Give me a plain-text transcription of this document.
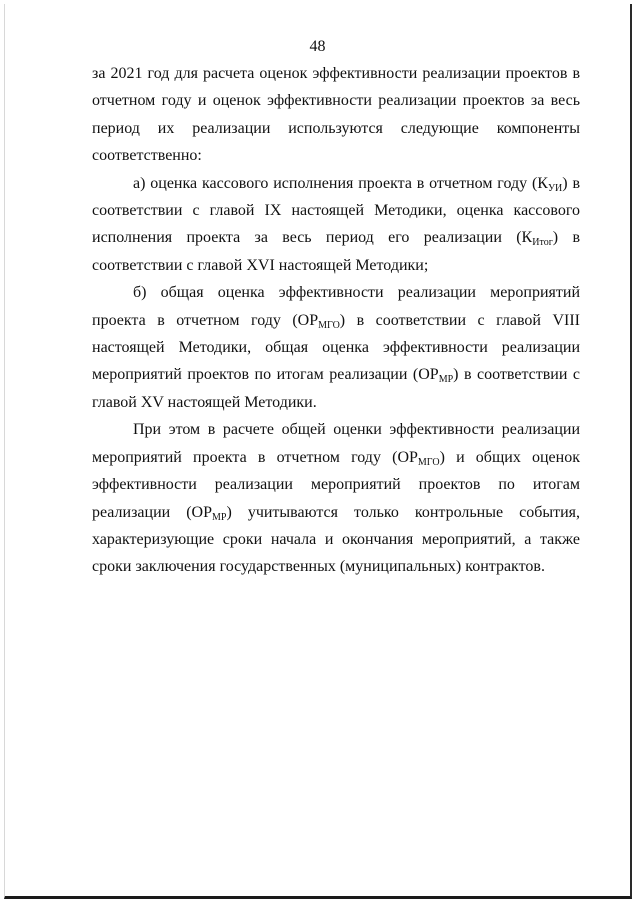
48

за 2021 год для расчета оценок эффективности реализации проектов в отчетном году и оценок эффективности реализации проектов за весь период их реализации используются следующие компоненты соответственно:

а) оценка кассового исполнения проекта в отчетном году $(К_{УИ})$ в соответствии с главой IX настоящей Методики, оценка кассового исполнения проекта за весь период его реализации $(К_{Итог})$ в соответствии с главой XVI настоящей Методики;

б) общая оценка эффективности реализации мероприятий проекта в отчетном году $(ОР_{МГО})$ в соответствии с главой VIII настоящей Методики, общая оценка эффективности реализации мероприятий проектов по итогам реализации $(ОР_{МР})$ в соответствии с главой XV настоящей Методики.

При этом в расчете общей оценки эффективности реализации мероприятий проекта в отчетном году $(ОР_{МГО})$ и общих оценок эффективности реализации мероприятий проектов по итогам реализации $(ОР_{МР})$ учитываются только контрольные события, характеризующие сроки начала и окончания мероприятий, а также сроки заключения государственных (муниципальных) контрактов.
